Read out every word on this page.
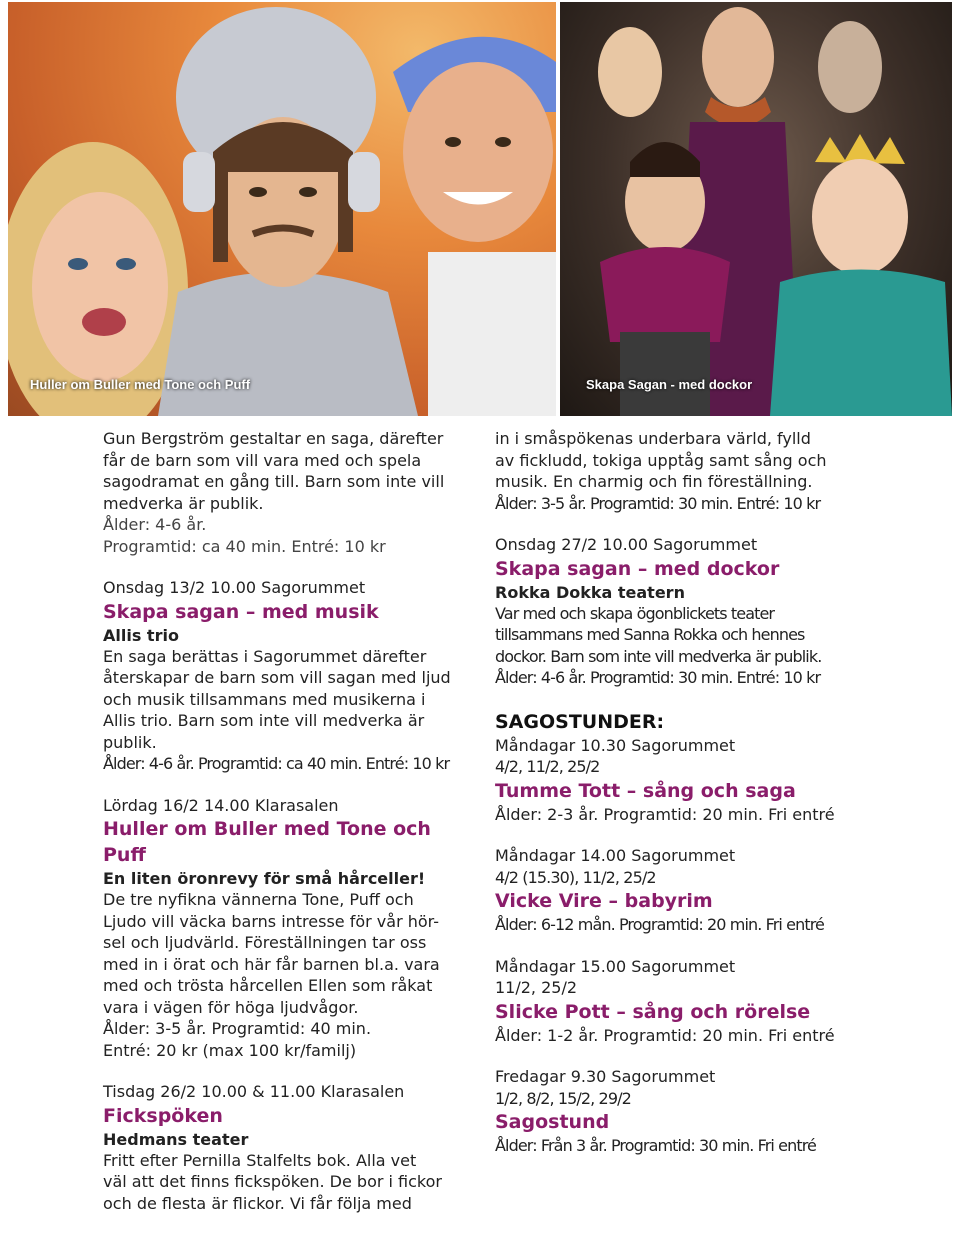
Huller om Buller med Tone och Puff	Skapa Sagan - med dockor
Gun Bergström gestaltar en saga, därefter
får de barn som vill vara med och spela
sagodramat en gång till. Barn som inte vill
medverka är publik.
Ålder: 4-6 år.
Programtid: ca 40 min. Entré: 10 kr
Onsdag 13/2 10.00 Sagorummet
Skapa sagan – med musik
Allis trio
En saga berättas i Sagorummet därefter
återskapar de barn som vill sagan med ljud
och musik tillsammans med musikerna i
Allis trio. Barn som inte vill medverka är
publik.
Ålder: 4-6 år. Programtid: ca 40 min. Entré: 10 kr
Lördag 16/2 14.00 Klarasalen
Huller om Buller med Tone och Puff
En liten öronrevy för små hårceller!
De tre nyfikna vännerna Tone, Puff och
Ljudo vill väcka barns intresse för vår hör-
sel och ljudvärld. Föreställningen tar oss
med in i örat och här får barnen bl.a. vara
med och trösta hårcellen Ellen som råkat
vara i vägen för höga ljudvågor.
Ålder: 3-5 år. Programtid: 40 min.
Entré: 20 kr (max 100 kr/familj)
Tisdag 26/2 10.00 & 11.00 Klarasalen
Fickspöken
Hedmans teater
Fritt efter Pernilla Stalfelts bok. Alla vet
väl att det finns fickspöken. De bor i fickor
och de flesta är flickor. Vi får följa med
in i småspökenas underbara värld, fylld
av fickludd, tokiga upptåg samt sång och
musik. En charmig och fin föreställning.
Ålder: 3-5 år. Programtid: 30 min. Entré: 10 kr
Onsdag 27/2 10.00 Sagorummet
Skapa sagan – med dockor
Rokka Dokka teatern
Var med och skapa ögonblickets teater
tillsammans med Sanna Rokka och hennes
dockor. Barn som inte vill medverka är publik.
Ålder: 4-6 år. Programtid: 30 min. Entré: 10 kr
SAGOSTUNDER:
Måndagar 10.30 Sagorummet
4/2, 11/2, 25/2
Tumme Tott – sång och saga
Ålder: 2-3 år. Programtid: 20 min. Fri entré
Måndagar 14.00 Sagorummet
4/2 (15.30), 11/2, 25/2
Vicke Vire – babyrim
Ålder: 6-12 mån. Programtid: 20 min. Fri entré
Måndagar 15.00 Sagorummet
11/2, 25/2
Slicke Pott – sång och rörelse
Ålder: 1-2 år. Programtid: 20 min. Fri entré
Fredagar 9.30 Sagorummet
1/2, 8/2, 15/2, 29/2
Sagostund
Ålder: Från 3 år. Programtid: 30 min. Fri entré
